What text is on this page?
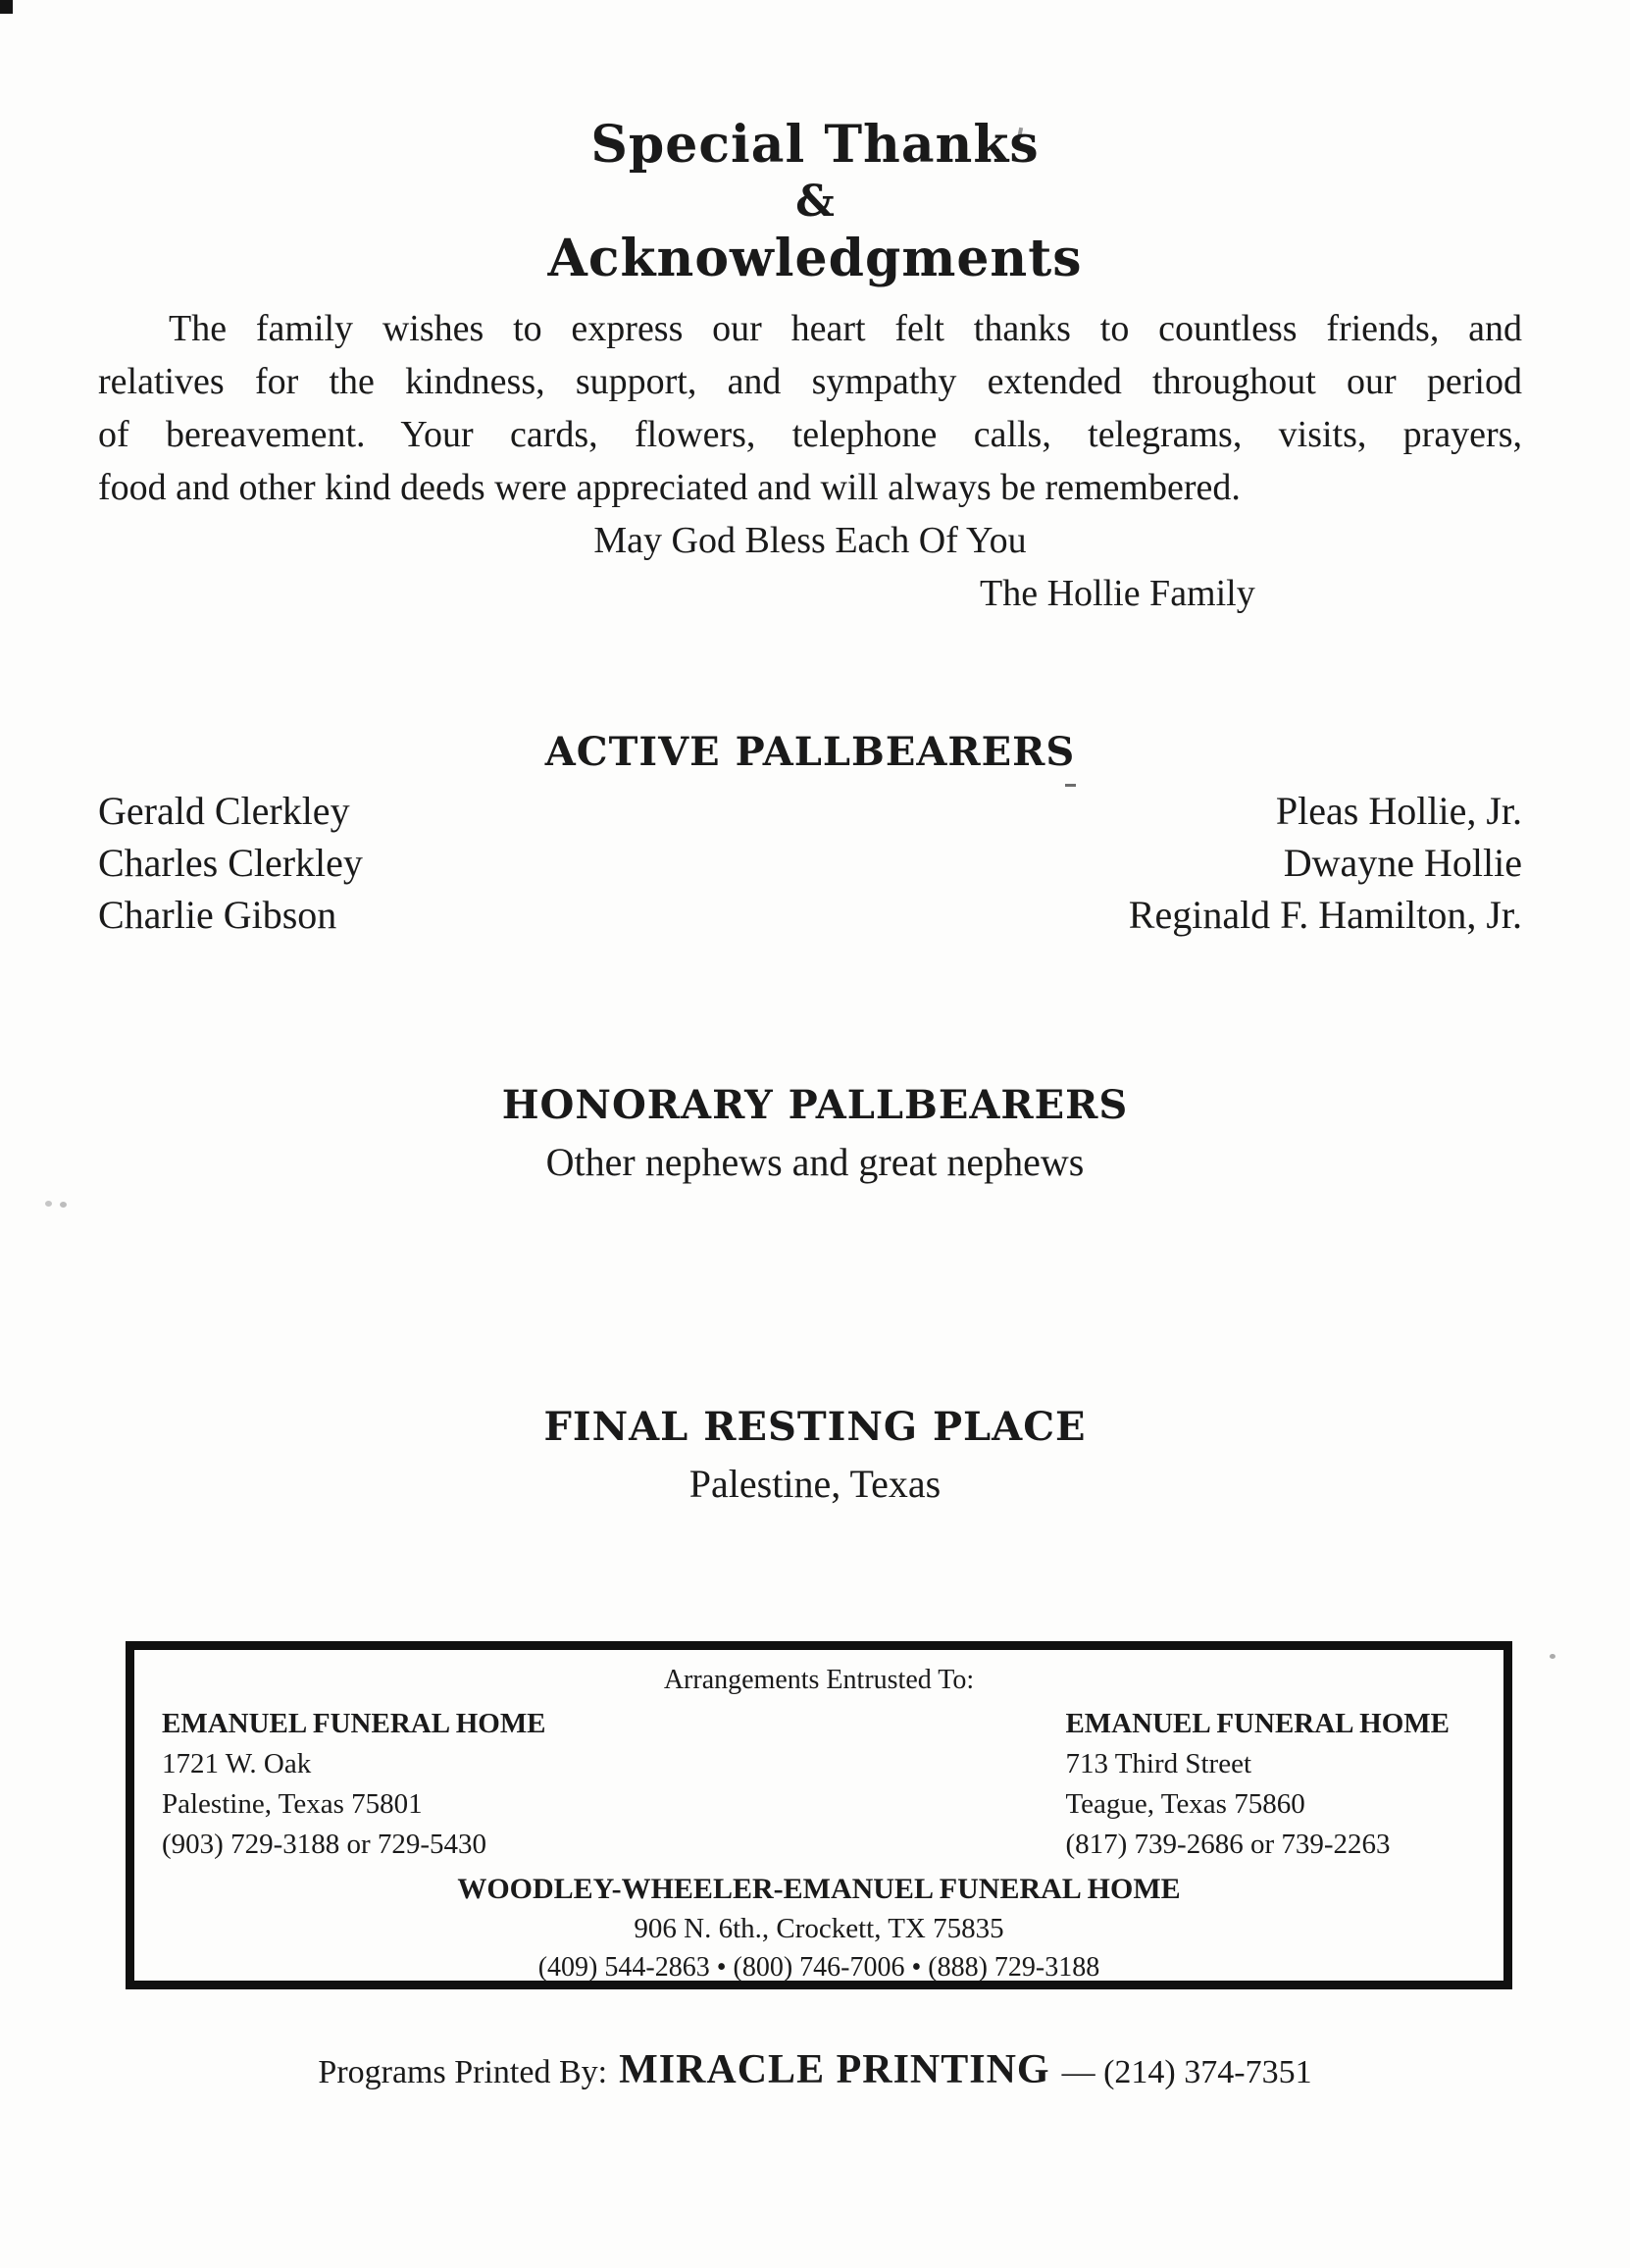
Special Thanks
&
Acknowledgments
The family wishes to express our heart felt thanks to countless friends, and
relatives for the kindness, support, and sympathy extended throughout our period
of bereavement. Your cards, flowers, telephone calls, telegrams, visits, prayers,
food and other kind deeds were appreciated and will always be remembered.
May God Bless Each Of You
The Hollie Family
ACTIVE PALLBEARERS
Gerald Clerkley
Charles Clerkley
Charlie Gibson
Pleas Hollie, Jr.
Dwayne Hollie
Reginald F. Hamilton, Jr.
HONORARY PALLBEARERS
Other nephews and great nephews
FINAL RESTING PLACE
Palestine, Texas
Arrangements Entrusted To:
EMANUEL FUNERAL HOME
1721 W. Oak
Palestine, Texas 75801
(903) 729-3188 or 729-5430
EMANUEL FUNERAL HOME
713 Third Street
Teague, Texas 75860
(817) 739-2686 or 739-2263
WOODLEY-WHEELER-EMANUEL FUNERAL HOME
906 N. 6th., Crockett, TX 75835
(409) 544-2863 • (800) 746-7006 • (888) 729-3188
Programs Printed By: MIRACLE PRINTING — (214) 374-7351
